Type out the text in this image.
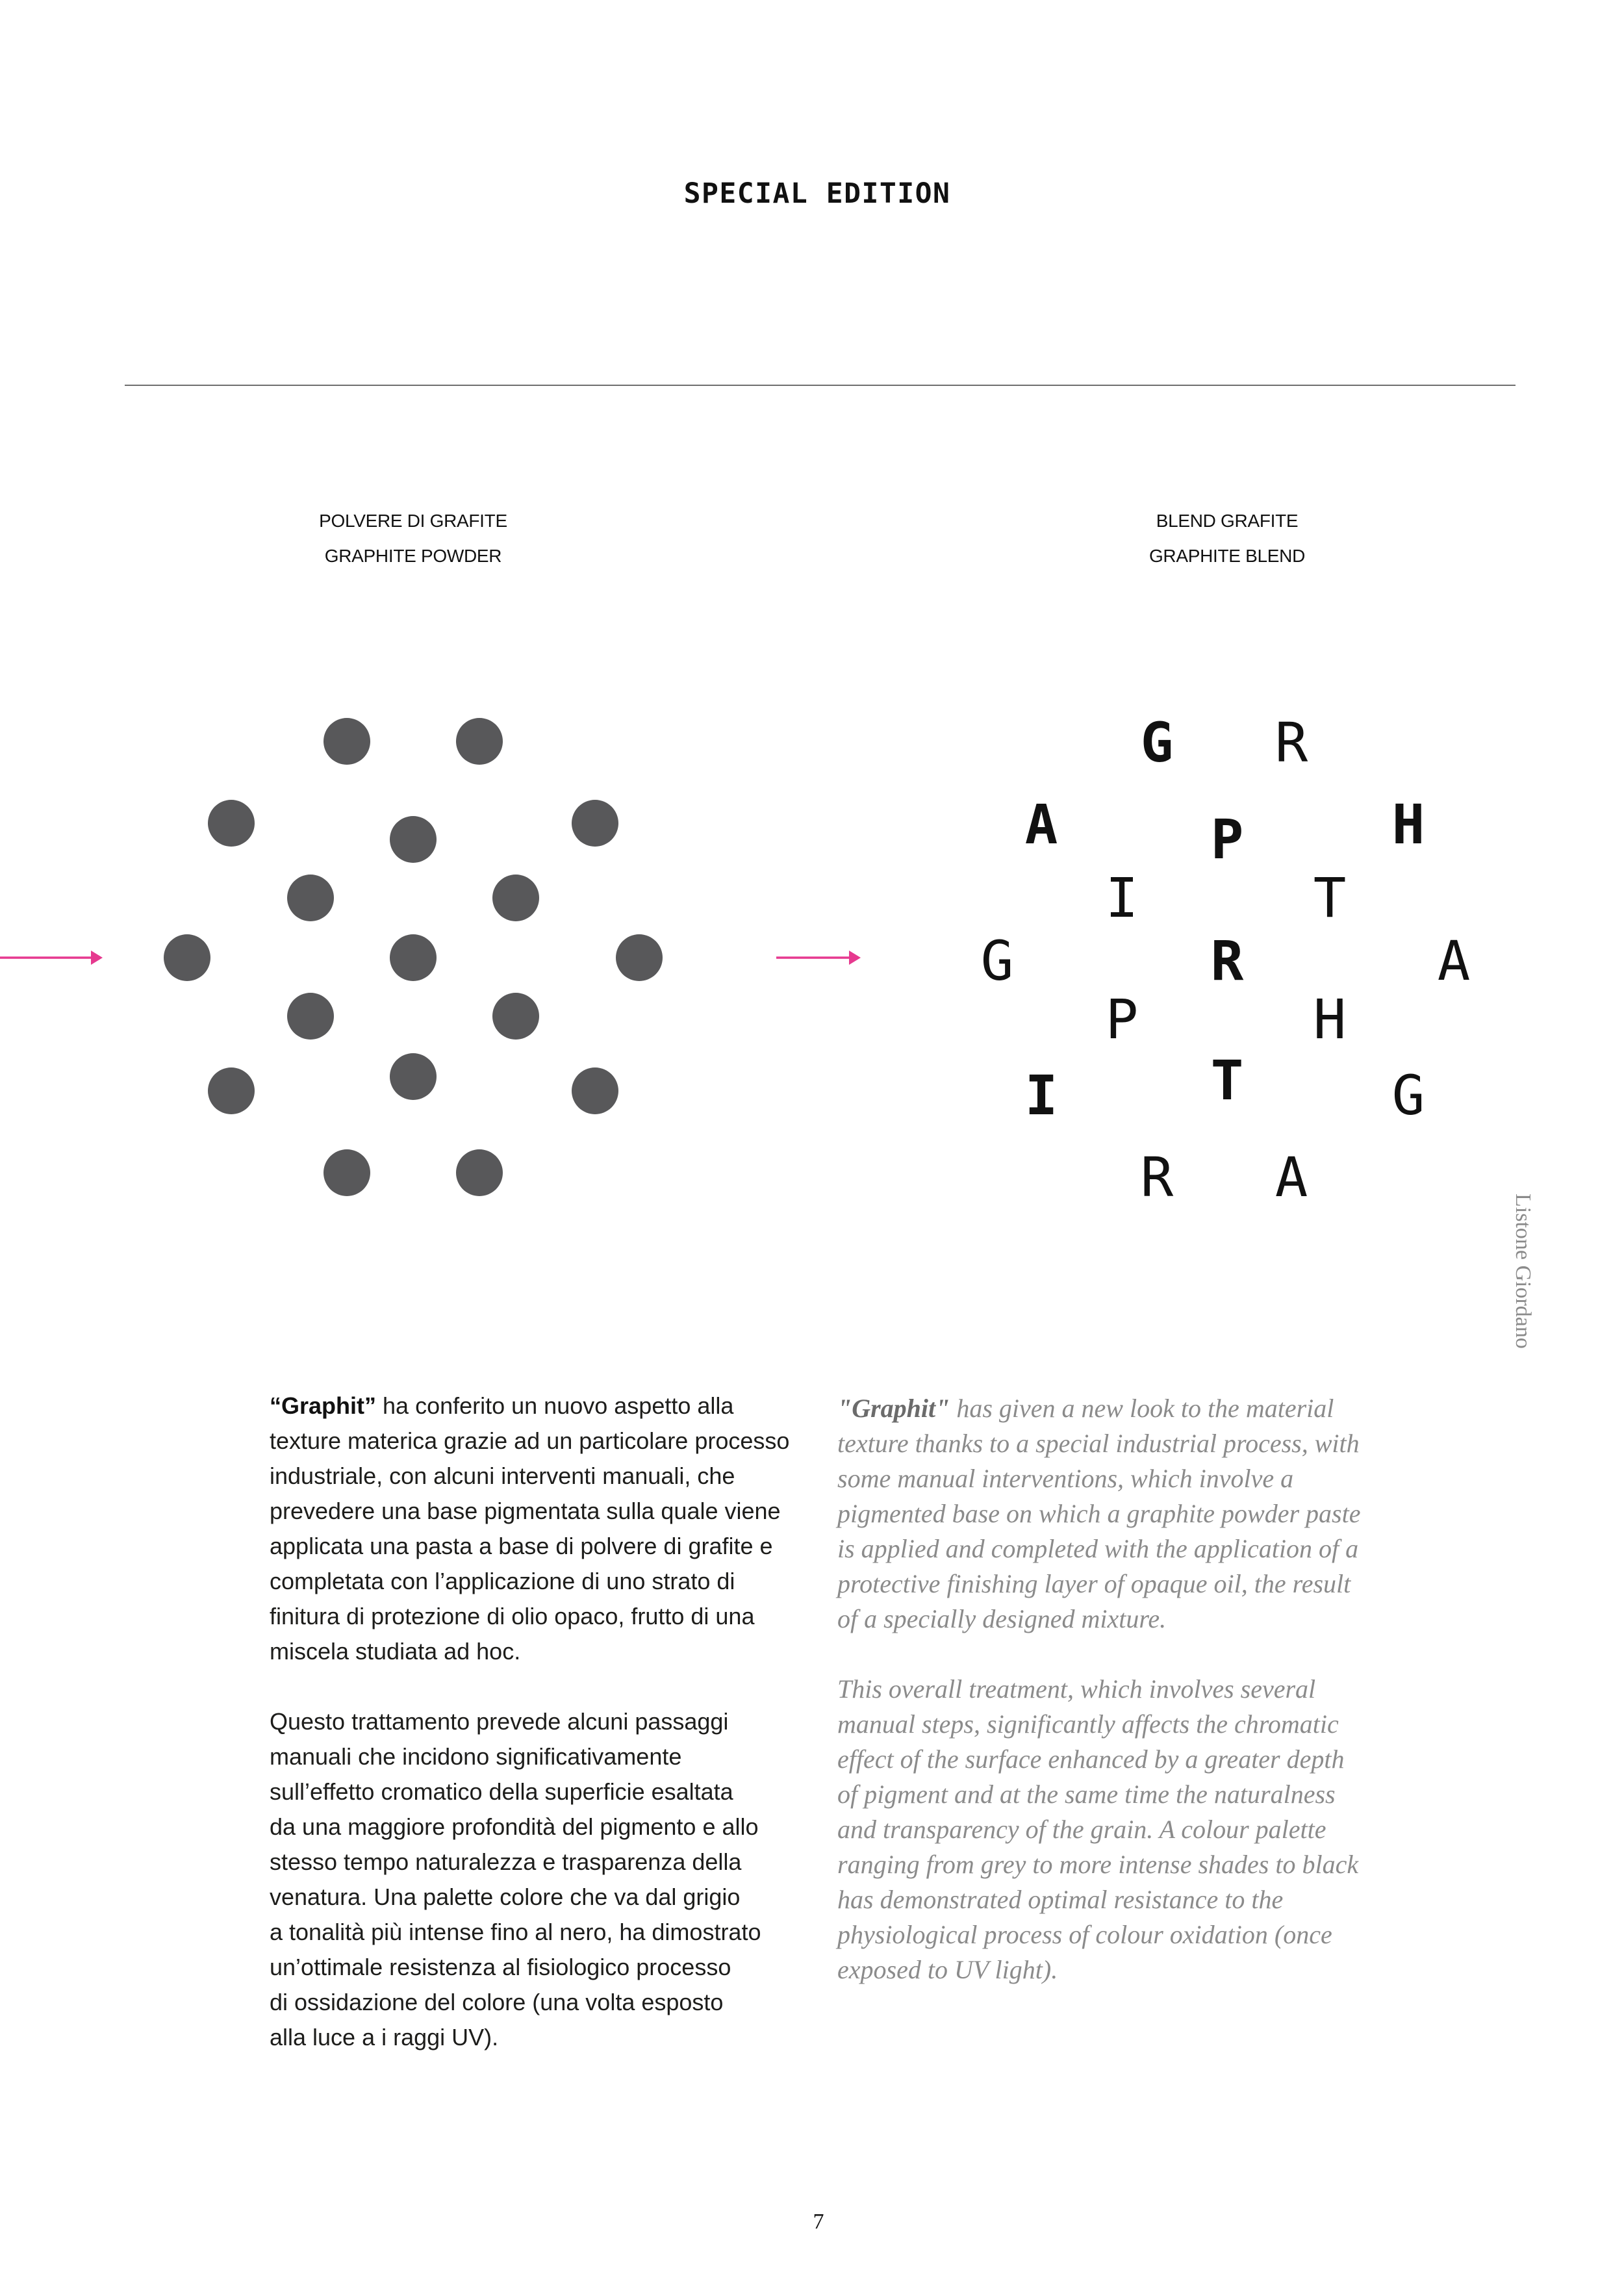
SPECIAL EDITION
POLVERE DI GRAFITE
GRAPHITE POWDER
BLEND GRAFITE
GRAPHITE BLEND
G R
A	P	H
I	T
G	R	A
P	H
I	T	G
R A
Listone Giordano
“Graphit” ha conferito un nuovo aspetto alla
texture materica grazie ad un particolare processo
industriale, con alcuni interventi manuali, che
prevedere una base pigmentata sulla quale viene
applicata una pasta a base di polvere di grafite e
completata con l’applicazione di uno strato di
finitura di protezione di olio opaco, frutto di una
miscela studiata ad hoc.
Questo trattamento prevede alcuni passaggi
manuali che incidono significativamente
sull’effetto cromatico della superficie esaltata
da una maggiore profondità del pigmento e allo
stesso tempo naturalezza e trasparenza della
venatura. Una palette colore che va dal grigio
a tonalità più intense fino al nero, ha dimostrato
un’ottimale resistenza al fisiologico processo
di ossidazione del colore (una volta esposto
alla luce a i raggi UV).
"Graphit" has given a new look to the material
texture thanks to a special industrial process, with
some manual interventions, which involve a
pigmented base on which a graphite powder paste
is applied and completed with the application of a
protective finishing layer of opaque oil, the result
of a specially designed mixture.
This overall treatment, which involves several
manual steps, significantly affects the chromatic
effect of the surface enhanced by a greater depth
of pigment and at the same time the naturalness
and transparency of the grain. A colour palette
ranging from grey to more intense shades to black
has demonstrated optimal resistance to the
physiological process of colour oxidation (once
exposed to UV light).
7
